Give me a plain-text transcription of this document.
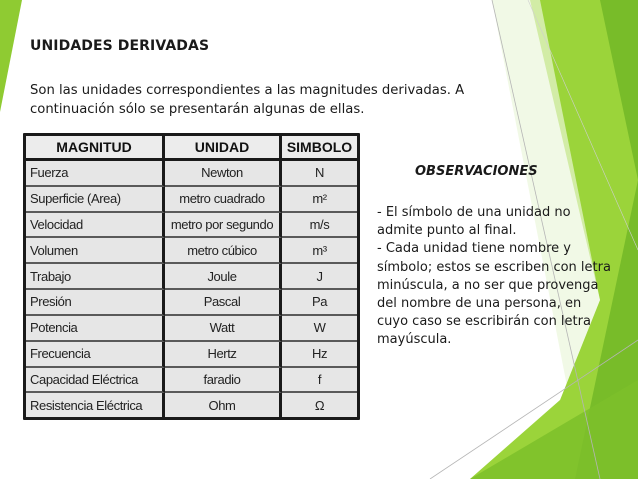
UNIDADES DERIVADAS
Son las unidades correspondientes a las magnitudes derivadas. A continuación sólo se presentarán algunas de ellas.
MAGNITUD	UNIDAD	SIMBOLO
Fuerza	Newton	N
Superficie (Area)	metro cuadrado	m²
Velocidad	metro por segundo	m/s
Volumen	metro cúbico	m³
Trabajo	Joule	J
Presión	Pascal	Pa
Potencia	Watt	W
Frecuencia	Hertz	Hz
Capacidad Eléctrica	faradio	f
Resistencia Eléctrica	Ohm	Ω
OBSERVACIONES

- El símbolo de una unidad no admite punto al final.

- Cada unidad tiene nombre y símbolo; estos se escriben con letra minúscula, a no ser que provenga del nombre de una persona, en cuyo caso se escribirán con letra mayúscula.
